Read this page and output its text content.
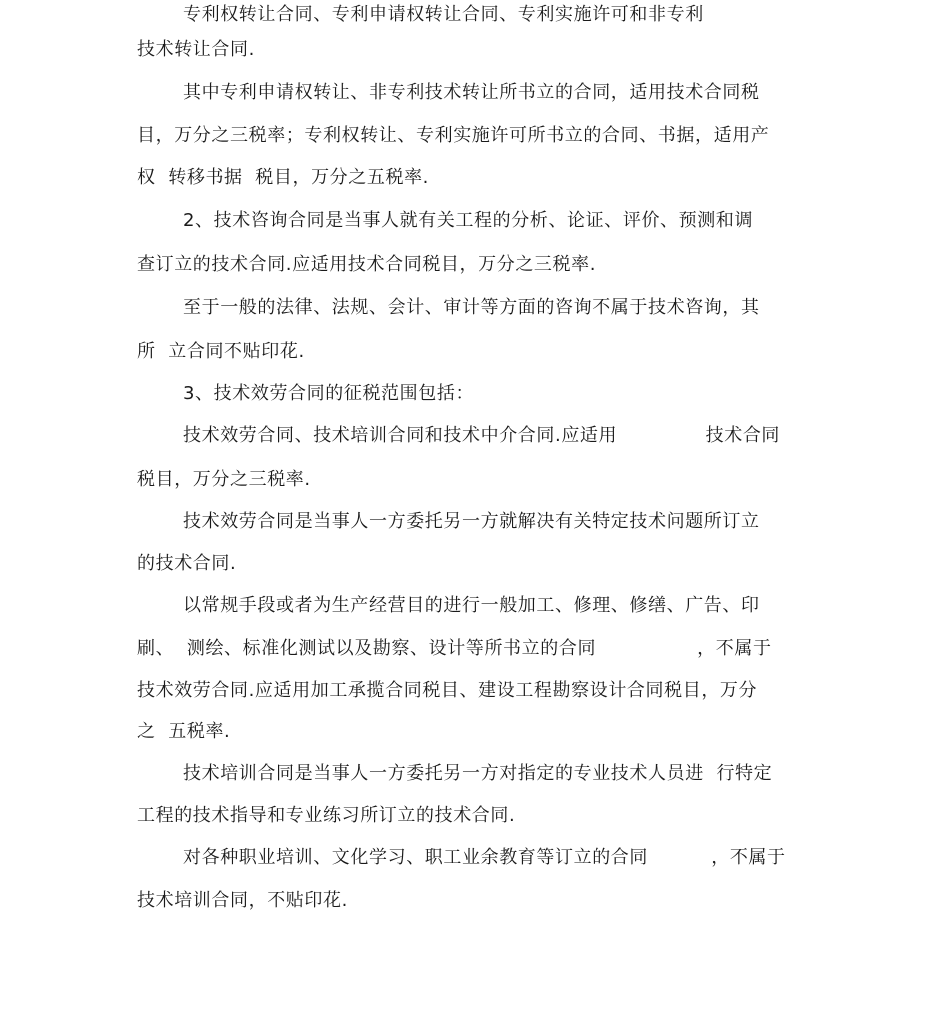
专利权转让合同、专利申请权转让合同、专利实施许可和非专利
技术转让合同.
其中专利申请权转让、非专利技术转让所书立的合同，适用技术合同税
目，万分之三税率；专利权转让、专利实施许可所书立的合同、书据，适用产
权  转移书据  税目，万分之五税率.
2、技术咨询合同是当事人就有关工程的分析、论证、评价、预测和调
查订立的技术合同.应适用技术合同税目，万分之三税率.
至于一般的法律、法规、会计、审计等方面的咨询不属于技术咨询，其
所  立合同不贴印花.
3、技术效劳合同的征税范围包括：
技术效劳合同、技术培训合同和技术中介合同.应适用              技术合同
税目，万分之三税率.
技术效劳合同是当事人一方委托另一方就解决有关特定技术问题所订立
的技术合同.
以常规手段或者为生产经营目的进行一般加工、修理、修缮、广告、印
刷、  测绘、标准化测试以及勘察、设计等所书立的合同                ，不属于
技术效劳合同.应适用加工承揽合同税目、建设工程勘察设计合同税目，万分
之  五税率.
技术培训合同是当事人一方委托另一方对指定的专业技术人员进  行特定
工程的技术指导和专业练习所订立的技术合同.
对各种职业培训、文化学习、职工业余教育等订立的合同          ，不属于
技术培训合同，不贴印花.
